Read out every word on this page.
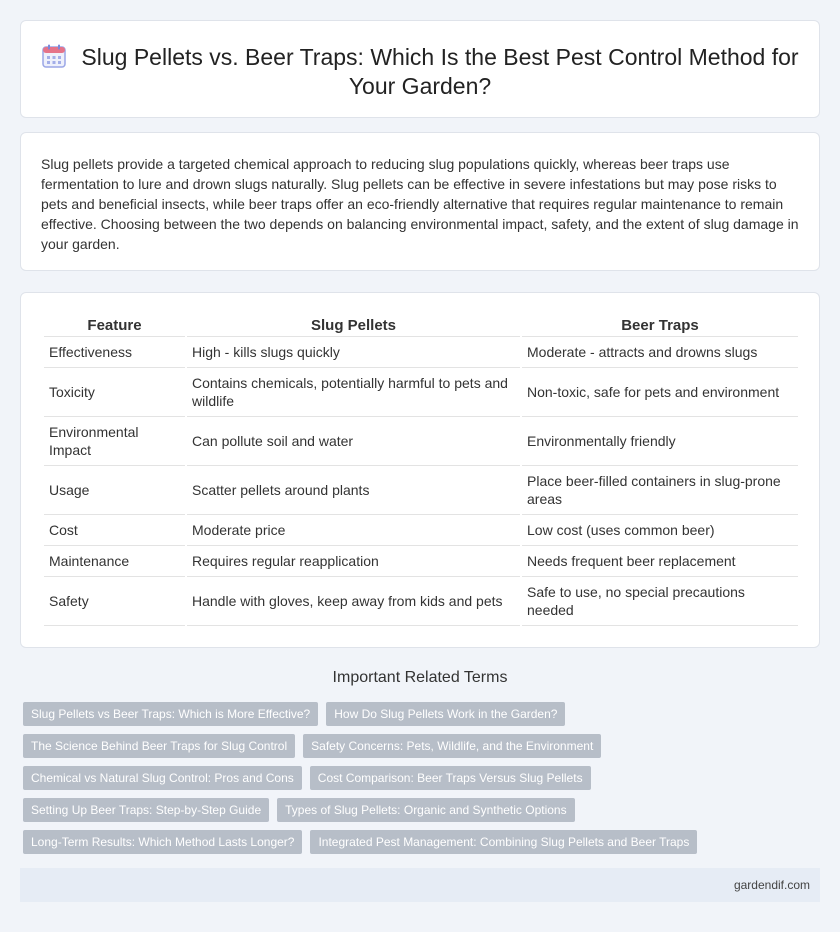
Slug Pellets vs. Beer Traps: Which Is the Best Pest Control Method for Your Garden?

Slug pellets provide a targeted chemical approach to reducing slug populations quickly, whereas beer traps use fermentation to lure and drown slugs naturally. Slug pellets can be effective in severe infestations but may pose risks to pets and beneficial insects, while beer traps offer an eco-friendly alternative that requires regular maintenance to remain effective. Choosing between the two depends on balancing environmental impact, safety, and the extent of slug damage in your garden.

Feature	Slug Pellets	Beer Traps
Effectiveness	High - kills slugs quickly	Moderate - attracts and drowns slugs
Toxicity	Contains chemicals, potentially harmful to pets and wildlife	Non-toxic, safe for pets and environment
Environmental Impact	Can pollute soil and water	Environmentally friendly
Usage	Scatter pellets around plants	Place beer-filled containers in slug-prone areas
Cost	Moderate price	Low cost (uses common beer)
Maintenance	Requires regular reapplication	Needs frequent beer replacement
Safety	Handle with gloves, keep away from kids and pets	Safe to use, no special precautions needed
Important Related Terms
Slug Pellets vs Beer Traps: Which is More Effective?	How Do Slug Pellets Work in the Garden?
The Science Behind Beer Traps for Slug Control	Safety Concerns: Pets, Wildlife, and the Environment
Chemical vs Natural Slug Control: Pros and Cons	Cost Comparison: Beer Traps Versus Slug Pellets
Setting Up Beer Traps: Step-by-Step Guide	Types of Slug Pellets: Organic and Synthetic Options
Long-Term Results: Which Method Lasts Longer?	Integrated Pest Management: Combining Slug Pellets and Beer Traps
gardendif.com
